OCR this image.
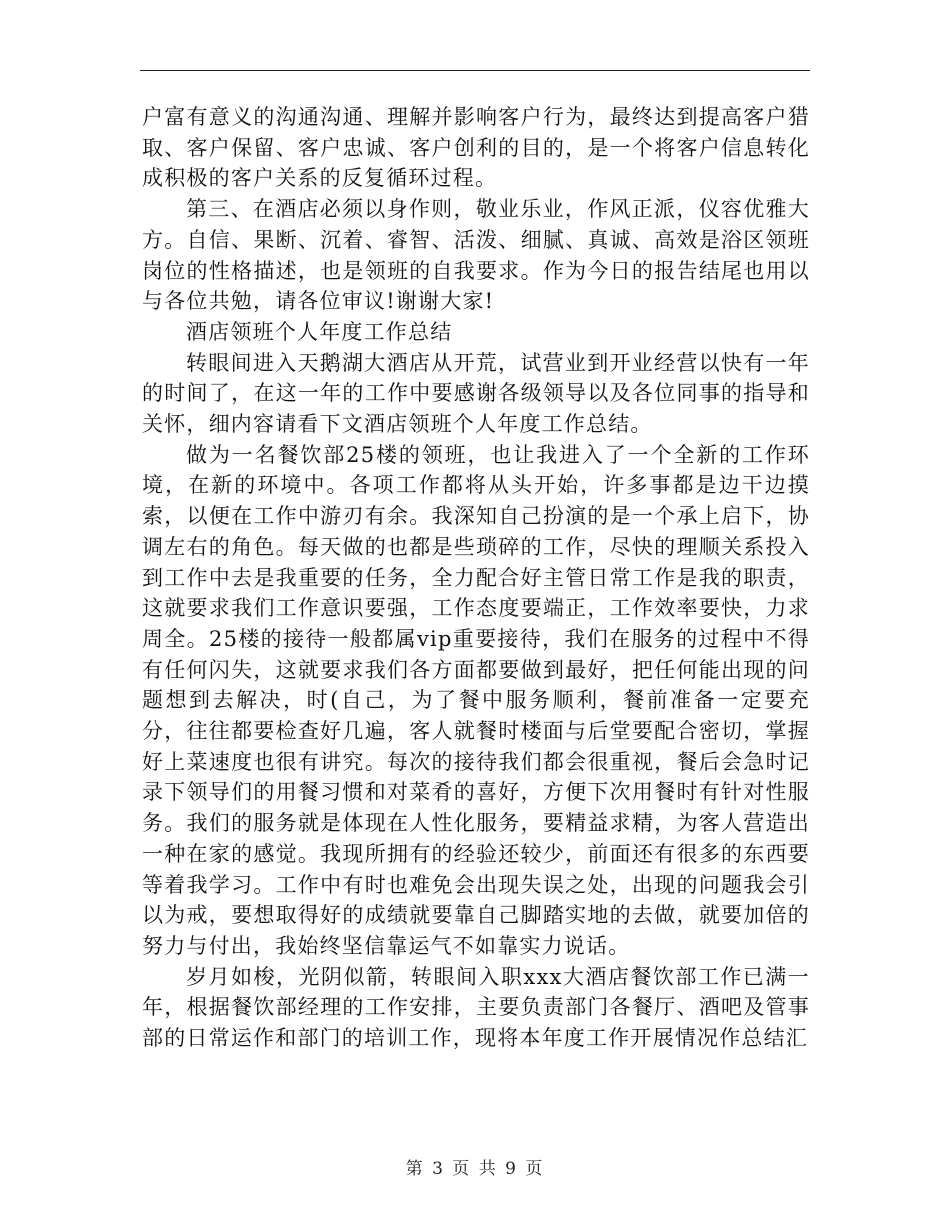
户富有意义的沟通沟通、理解并影响客户行为，最终达到提高客户猎取、客户保留、客户忠诚、客户创利的目的，是一个将客户信息转化成积极的客户关系的反复循环过程。

第三、在酒店必须以身作则，敬业乐业，作风正派，仪容优雅大方。自信、果断、沉着、睿智、活泼、细腻、真诚、高效是浴区领班岗位的性格描述，也是领班的自我要求。作为今日的报告结尾也用以与各位共勉，请各位审议!谢谢大家!

酒店领班个人年度工作总结

转眼间进入天鹅湖大酒店从开荒，试营业到开业经营以快有一年的时间了，在这一年的工作中要感谢各级领导以及各位同事的指导和关怀，细内容请看下文酒店领班个人年度工作总结。

做为一名餐饮部25楼的领班，也让我进入了一个全新的工作环境，在新的环境中。各项工作都将从头开始，许多事都是边干边摸索，以便在工作中游刃有余。我深知自己扮演的是一个承上启下，协调左右的角色。每天做的也都是些琐碎的工作，尽快的理顺关系投入到工作中去是我重要的任务，全力配合好主管日常工作是我的职责，这就要求我们工作意识要强，工作态度要端正，工作效率要快，力求周全。25楼的接待一般都属vip重要接待，我们在服务的过程中不得有任何闪失，这就要求我们各方面都要做到最好，把任何能出现的问题想到去解决，时(自己，为了餐中服务顺利，餐前准备一定要充分，往往都要检查好几遍，客人就餐时楼面与后堂要配合密切，掌握好上菜速度也很有讲究。每次的接待我们都会很重视，餐后会急时记录下领导们的用餐习惯和对菜肴的喜好，方便下次用餐时有针对性服务。我们的服务就是体现在人性化服务，要精益求精，为客人营造出一种在家的感觉。我现所拥有的经验还较少，前面还有很多的东西要等着我学习。工作中有时也难免会出现失误之处，出现的问题我会引以为戒，要想取得好的成绩就要靠自己脚踏实地的去做，就要加倍的努力与付出，我始终坚信靠运气不如靠实力说话。

岁月如梭，光阴似箭，转眼间入职xxx大酒店餐饮部工作已满一年，根据餐饮部经理的工作安排，主要负责部门各餐厅、酒吧及管事部的日常运作和部门的培训工作，现将本年度工作开展情况作总结汇

第 3 页 共 9 页
